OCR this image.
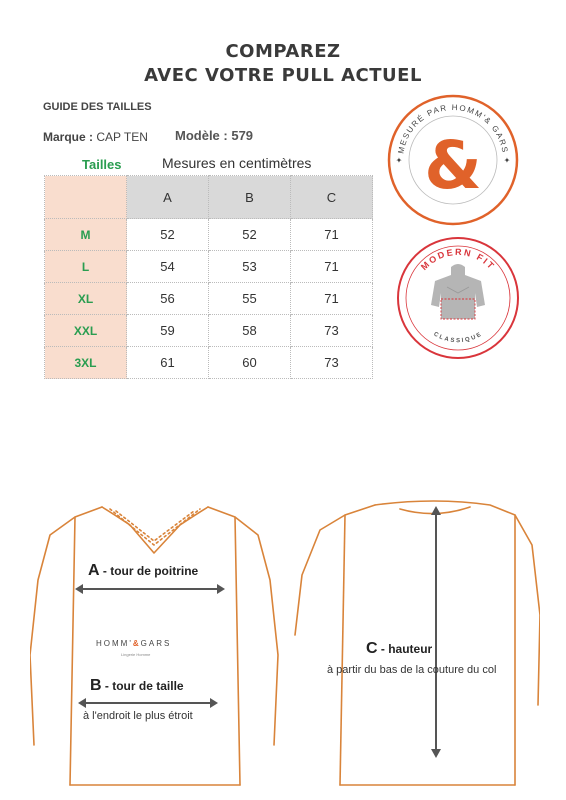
COMPAREZ
AVEC VOTRE PULL ACTUEL
GUIDE DES TAILLES
Marque : CAP TEN Modèle : 579
Tailles	Mesures en centimètres
	A	B	C
M	52	52	71
L	54	53	71
XL	56	55	71
XXL	59	58	73
3XL	61	60	73
MESURÉ PAR HOMM'& GARS
&
✦	✦
MODERN FIT
CLASSIQUE
A - tour de poitrine
B - tour de taille
à l'endroit le plus étroit
HOMM'&GARS
Lingerie Homme	C - hauteur
à partir du bas de la couture du col
